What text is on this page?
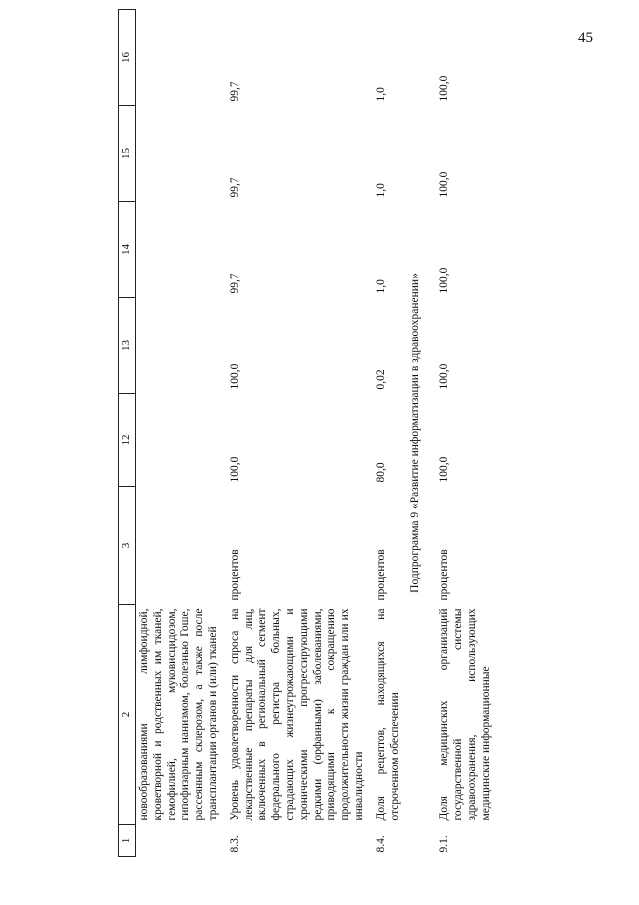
45
1	2	3	12	13	14	15	16
	новообразованиями лимфоидной, кроветворной и родственных им тканей, гемофилией, муковисцидозом, гипофизарным нанизмом, болезнью Гоше, рассеянным склерозом, а также после трансплантации органов и (или) тканей						
8.3.	Уровень удовлетворенности спроса на лекарственные препараты для лиц, включенных в региональный сегмент федерального регистра больных, страдающих жизнеугрожающими и хроническими прогрессирующими редкими (орфанными) заболеваниями, приводящими к сокращению продолжительности жизни граждан или их инвалидности	процентов	100,0	100,0	99,7	99,7	99,7
8.4.	Доля рецептов, находящихся на отсроченном обеспечении	процентов	80,0	0,02	1,0	1,0	1,0
Подпрограмма 9 «Развитие информатизации в здравоохранении»							
9.1.	Доля медицинских организаций государственной системы здравоохранения, использующих медицинские информационные	процентов	100,0	100,0	100,0	100,0	100,0
